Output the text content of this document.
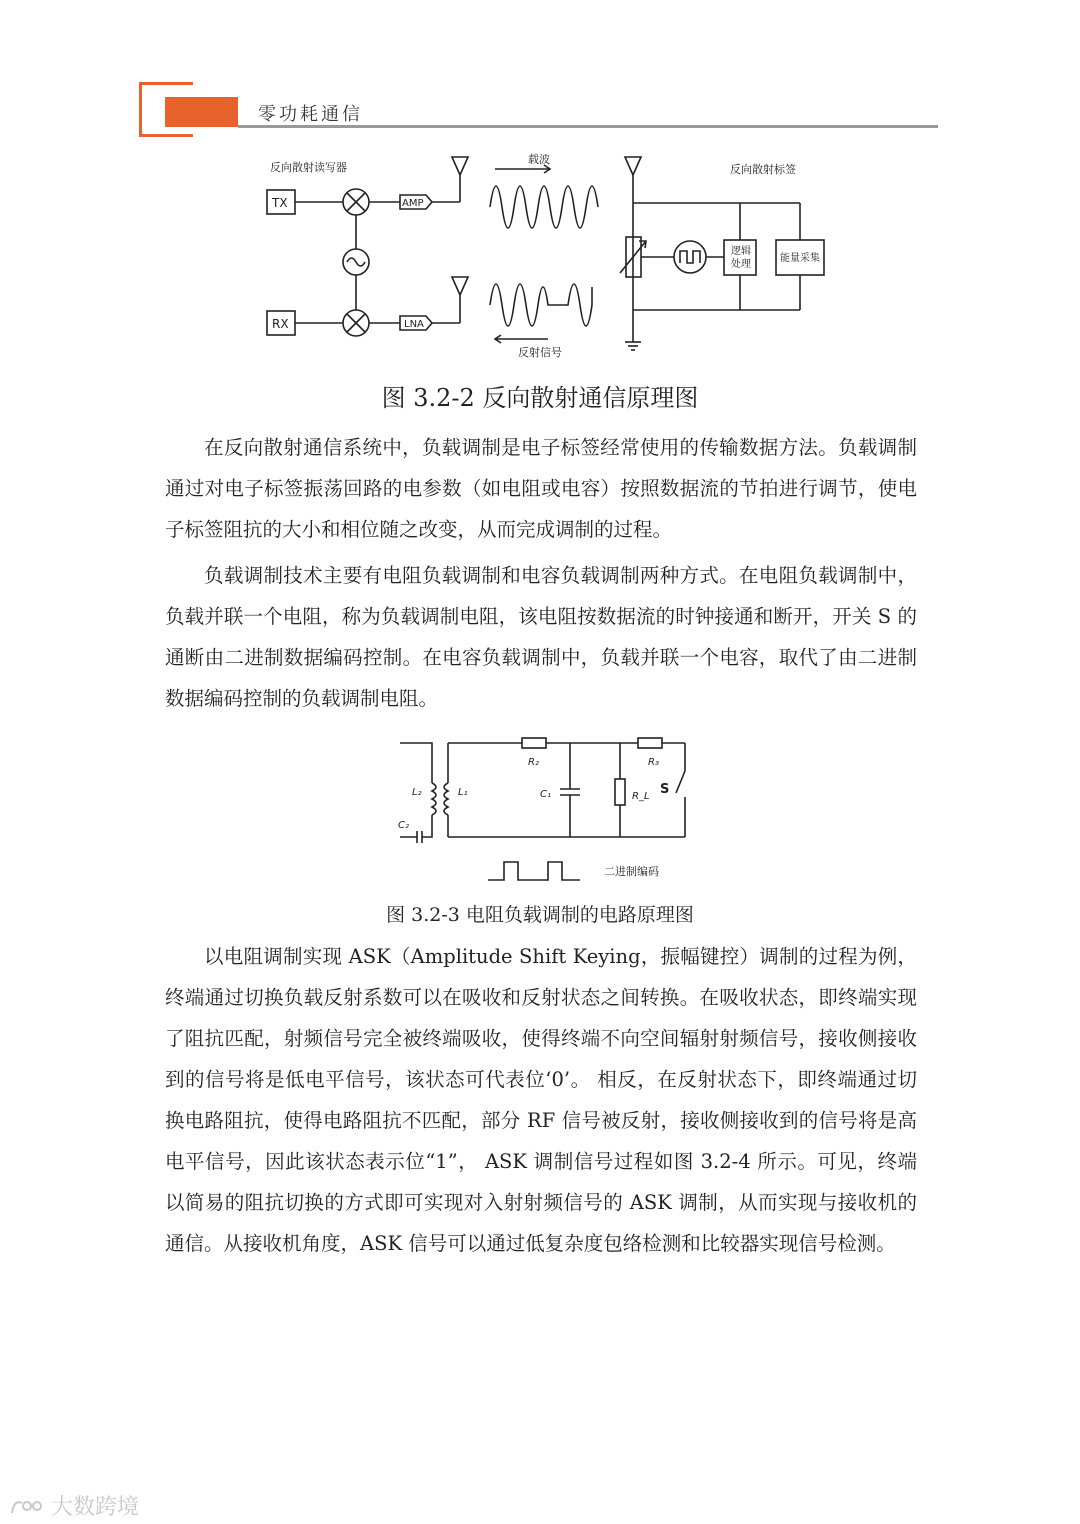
零功耗通信
反向散射读写器
TX
RX
AMP
LNA
载波
反射信号
反向散射标签
逻辑
处理
能量采集
图 3.2-2 反向散射通信原理图
在反向散射通信系统中，负载调制是电子标签经常使用的传输数据方法。负载调制通过对电子标签振荡回路的电参数（如电阻或电容）按照数据流的节拍进行调节，使电子标签阻抗的大小和相位随之改变，从而完成调制的过程。
负载调制技术主要有电阻负载调制和电容负载调制两种方式。在电阻负载调制中，负载并联一个电阻，称为负载调制电阻，该电阻按数据流的时钟接通和断开，开关 S 的通断由二进制数据编码控制。在电容负载调制中，负载并联一个电容，取代了由二进制数据编码控制的负载调制电阻。
L₂	L₁
C₂
C₁
R₂	R₃
R_L S
二进制编码
图 3.2-3 电阻负载调制的电路原理图
以电阻调制实现 ASK（Amplitude Shift Keying，振幅键控）调制的过程为例，终端通过切换负载反射系数可以在吸收和反射状态之间转换。在吸收状态，即终端实现了阻抗匹配，射频信号完全被终端吸收，使得终端不向空间辐射射频信号，接收侧接收到的信号将是低电平信号，该状态可代表位‘0’。 相反，在反射状态下，即终端通过切换电路阻抗，使得电路阻抗不匹配，部分 RF 信号被反射，接收侧接收到的信号将是高电平信号，因此该状态表示位“1”， ASK 调制信号过程如图 3.2-4 所示。可见，终端以简易的阻抗切换的方式即可实现对入射射频信号的 ASK 调制，从而实现与接收机的通信。从接收机角度，ASK 信号可以通过低复杂度包络检测和比较器实现信号检测。
大数跨境
